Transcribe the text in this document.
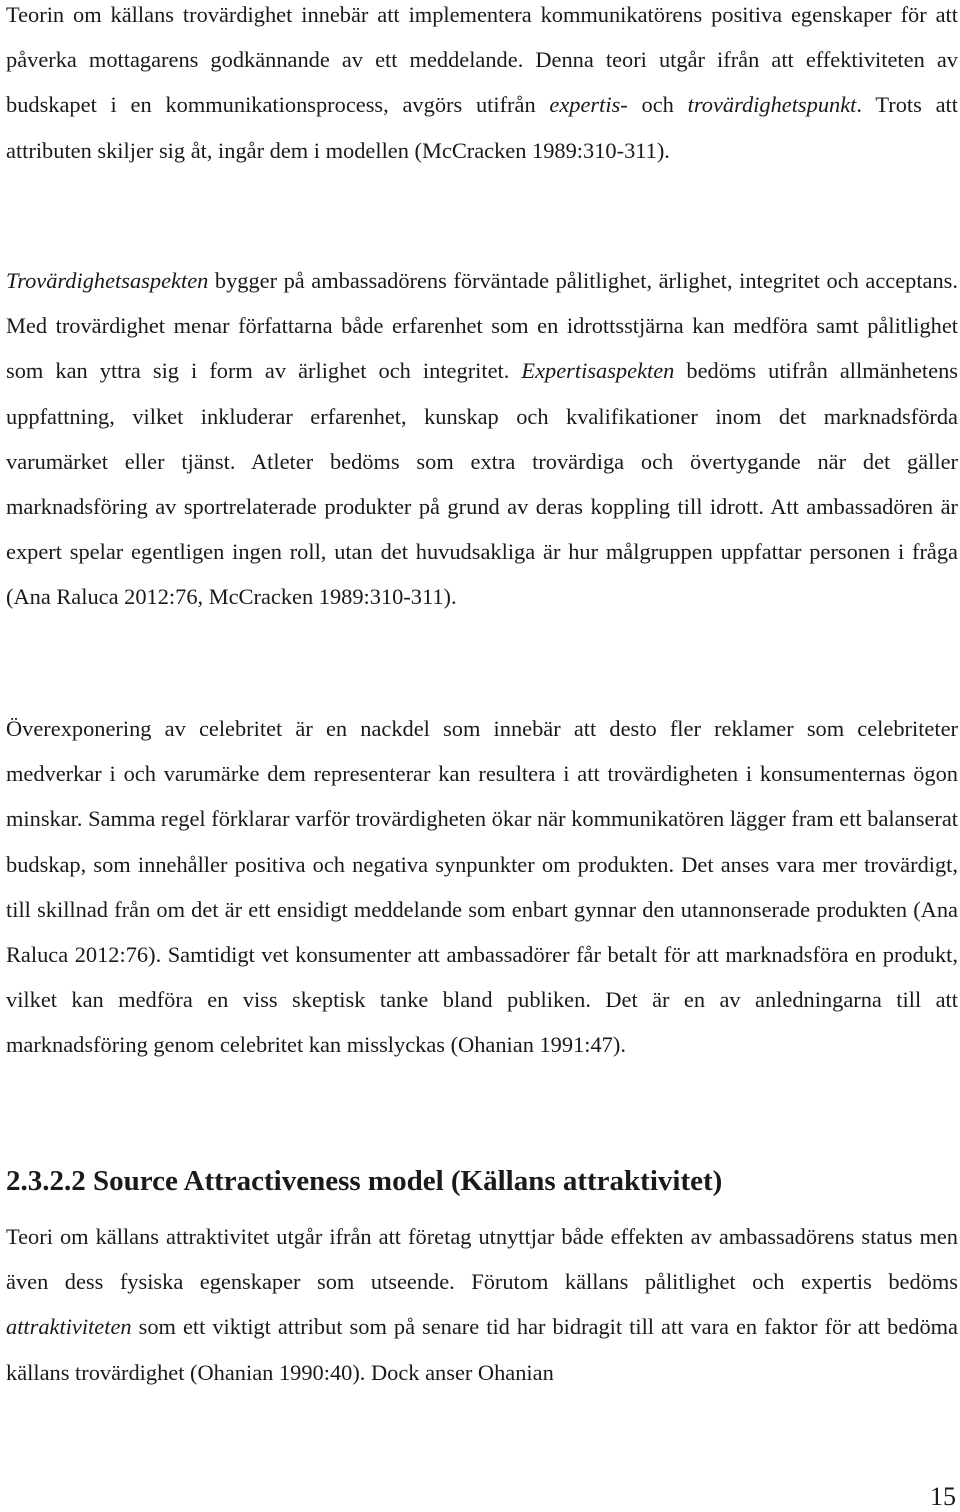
Teorin om källans trovärdighet innebär att implementera kommunikatörens positiva egenskaper för att påverka mottagarens godkännande av ett meddelande. Denna teori utgår ifrån att effektiviteten av budskapet i en kommunikationsprocess, avgörs utifrån expertis- och trovärdighetspunkt. Trots att attributen skiljer sig åt, ingår dem i modellen (McCracken 1989:310-311).

Trovärdighetsaspekten bygger på ambassadörens förväntade pålitlighet, ärlighet, integritet och acceptans. Med trovärdighet menar författarna både erfarenhet som en idrottsstjärna kan medföra samt pålitlighet som kan yttra sig i form av ärlighet och integritet. Expertisaspekten bedöms utifrån allmänhetens uppfattning, vilket inkluderar erfarenhet, kunskap och kvalifikationer inom det marknadsförda varumärket eller tjänst. Atleter bedöms som extra trovärdiga och övertygande när det gäller marknadsföring av sportrelaterade produkter på grund av deras koppling till idrott. Att ambassadören är expert spelar egentligen ingen roll, utan det huvudsakliga är hur målgruppen uppfattar personen i fråga (Ana Raluca 2012:76, McCracken 1989:310-311).

Överexponering av celebritet är en nackdel som innebär att desto fler reklamer som celebriteter medverkar i och varumärke dem representerar kan resultera i att trovärdigheten i konsumenternas ögon minskar. Samma regel förklarar varför trovärdigheten ökar när kommunikatören lägger fram ett balanserat budskap, som innehåller positiva och negativa synpunkter om produkten. Det anses vara mer trovärdigt, till skillnad från om det är ett ensidigt meddelande som enbart gynnar den utannonserade produkten (Ana Raluca 2012:76). Samtidigt vet konsumenter att ambassadörer får betalt för att marknadsföra en produkt, vilket kan medföra en viss skeptisk tanke bland publiken. Det är en av anledningarna till att marknadsföring genom celebritet kan misslyckas (Ohanian 1991:47).

2.3.2.2 Source Attractiveness model (Källans attraktivitet)

Teori om källans attraktivitet utgår ifrån att företag utnyttjar både effekten av ambassadörens status men även dess fysiska egenskaper som utseende. Förutom källans pålitlighet och expertis bedöms attraktiviteten som ett viktigt attribut som på senare tid har bidragit till att vara en faktor för att bedöma källans trovärdighet (Ohanian 1990:40). Dock anser Ohanian

15
